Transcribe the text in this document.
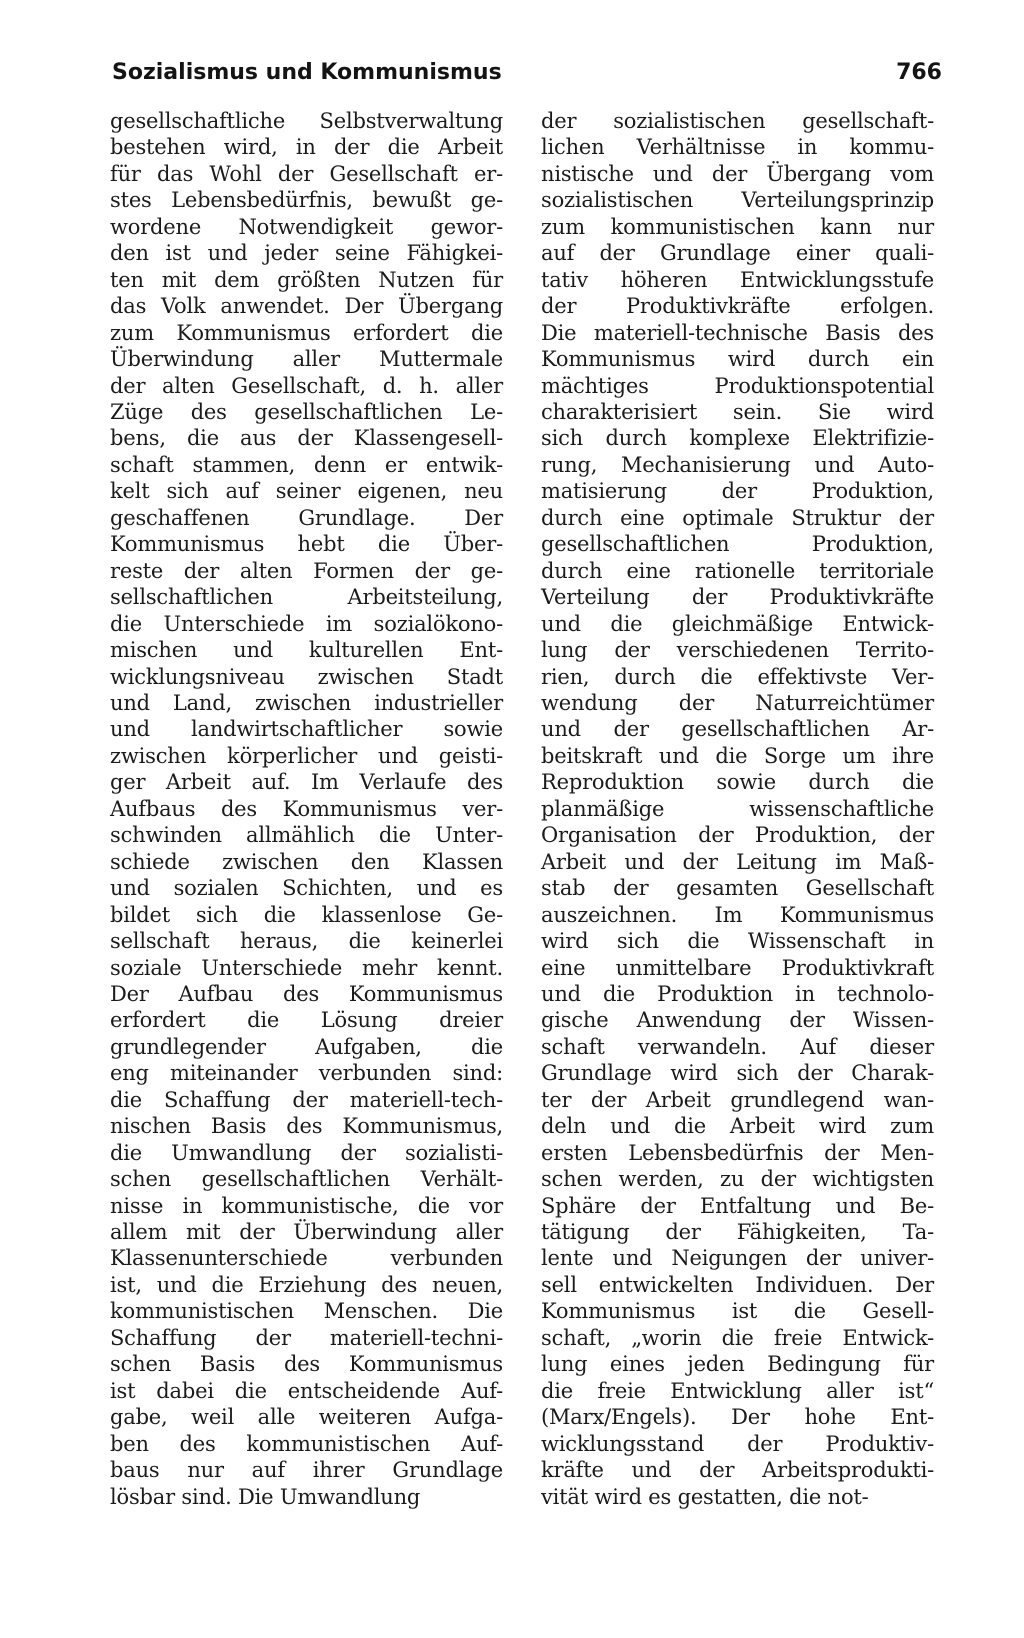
Sozialismus und Kommunismus	766
gesellschaftliche Selbstverwaltung
bestehen wird, in der die Arbeit
für das Wohl der Gesellschaft er-
stes Lebensbedürfnis, bewußt ge-
wordene Notwendigkeit gewor-
den ist und jeder seine Fähigkei-
ten mit dem größten Nutzen für
das Volk anwendet. Der Übergang
zum Kommunismus erfordert die
Überwindung aller Muttermale
der alten Gesellschaft, d. h. aller
Züge des gesellschaftlichen Le-
bens, die aus der Klassengesell-
schaft stammen, denn er entwik-
kelt sich auf seiner eigenen, neu
geschaffenen Grundlage. Der
Kommunismus hebt die Über-
reste der alten Formen der ge-
sellschaftlichen Arbeitsteilung,
die Unterschiede im sozialökono-
mischen und kulturellen Ent-
wicklungsniveau zwischen Stadt
und Land, zwischen industrieller
und landwirtschaftlicher sowie
zwischen körperlicher und geisti-
ger Arbeit auf. Im Verlaufe des
Aufbaus des Kommunismus ver-
schwinden allmählich die Unter-
schiede zwischen den Klassen
und sozialen Schichten, und es
bildet sich die klassenlose Ge-
sellschaft heraus, die keinerlei
soziale Unterschiede mehr kennt.
Der Aufbau des Kommunismus
erfordert die Lösung dreier
grundlegender Aufgaben, die
eng miteinander verbunden sind:
die Schaffung der materiell-tech-
nischen Basis des Kommunismus,
die Umwandlung der sozialisti-
schen gesellschaftlichen Verhält-
nisse in kommunistische, die vor
allem mit der Überwindung aller
Klassenunterschiede verbunden
ist, und die Erziehung des neuen,
kommunistischen Menschen. Die
Schaffung der materiell-techni-
schen Basis des Kommunismus
ist dabei die entscheidende Auf-
gabe, weil alle weiteren Aufga-
ben des kommunistischen Auf-
baus nur auf ihrer Grundlage
lösbar sind. Die Umwandlung
der sozialistischen gesellschaft-
lichen Verhältnisse in kommu-
nistische und der Übergang vom
sozialistischen Verteilungsprinzip
zum kommunistischen kann nur
auf der Grundlage einer quali-
tativ höheren Entwicklungsstufe
der Produktivkräfte erfolgen.
Die materiell-technische Basis des
Kommunismus wird durch ein
mächtiges Produktionspotential
charakterisiert sein. Sie wird
sich durch komplexe Elektrifizie-
rung, Mechanisierung und Auto-
matisierung der Produktion,
durch eine optimale Struktur der
gesellschaftlichen Produktion,
durch eine rationelle territoriale
Verteilung der Produktivkräfte
und die gleichmäßige Entwick-
lung der verschiedenen Territo-
rien, durch die effektivste Ver-
wendung der Naturreichtümer
und der gesellschaftlichen Ar-
beitskraft und die Sorge um ihre
Reproduktion sowie durch die
planmäßige wissenschaftliche
Organisation der Produktion, der
Arbeit und der Leitung im Maß-
stab der gesamten Gesellschaft
auszeichnen. Im Kommunismus
wird sich die Wissenschaft in
eine unmittelbare Produktivkraft
und die Produktion in technolo-
gische Anwendung der Wissen-
schaft verwandeln. Auf dieser
Grundlage wird sich der Charak-
ter der Arbeit grundlegend wan-
deln und die Arbeit wird zum
ersten Lebensbedürfnis der Men-
schen werden, zu der wichtigsten
Sphäre der Entfaltung und Be-
tätigung der Fähigkeiten, Ta-
lente und Neigungen der univer-
sell entwickelten Individuen. Der
Kommunismus ist die Gesell-
schaft, „worin die freie Entwick-
lung eines jeden Bedingung für
die freie Entwicklung aller ist“
(Marx/Engels). Der hohe Ent-
wicklungsstand der Produktiv-
kräfte und der Arbeitsprodukti-
vität wird es gestatten, die not-
